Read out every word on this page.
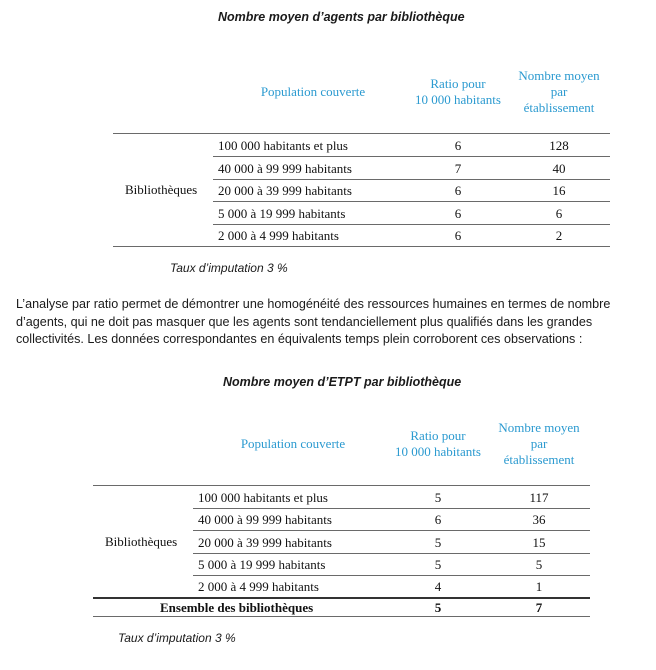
Nombre moyen d’agents par bibliothèque
Population couverte
Ratio pour
10 000 habitants
Nombre moyen
par
établissement
Bibliothèques
100 000 habitants et plus
40 000 à 99 999 habitants
20 000 à 39 999 habitants
5 000 à 19 999 habitants
2 000 à 4 999 habitants
6
7
6
6
6
128
40
16
6
2
Taux d’imputation 3 %
L’analyse par ratio permet de démontrer une homogénéité des ressources humaines en termes de nombre
d’agents, qui ne doit pas masquer que les agents sont tendanciellement plus qualifiés dans les grandes
collectivités. Les données correspondantes en équivalents temps plein corroborent ces observations :
Nombre moyen d’ETPT par bibliothèque
Population couverte
Ratio pour
10 000 habitants
Nombre moyen
par
établissement
Bibliothèques
100 000 habitants et plus
40 000 à 99 999 habitants
20 000 à 39 999 habitants
5 000 à 19 999 habitants
2 000 à 4 999 habitants
5
6
5
5
4
117
36
15
5
1
Ensemble des bibliothèques	5	7
Taux d’imputation 3 %
